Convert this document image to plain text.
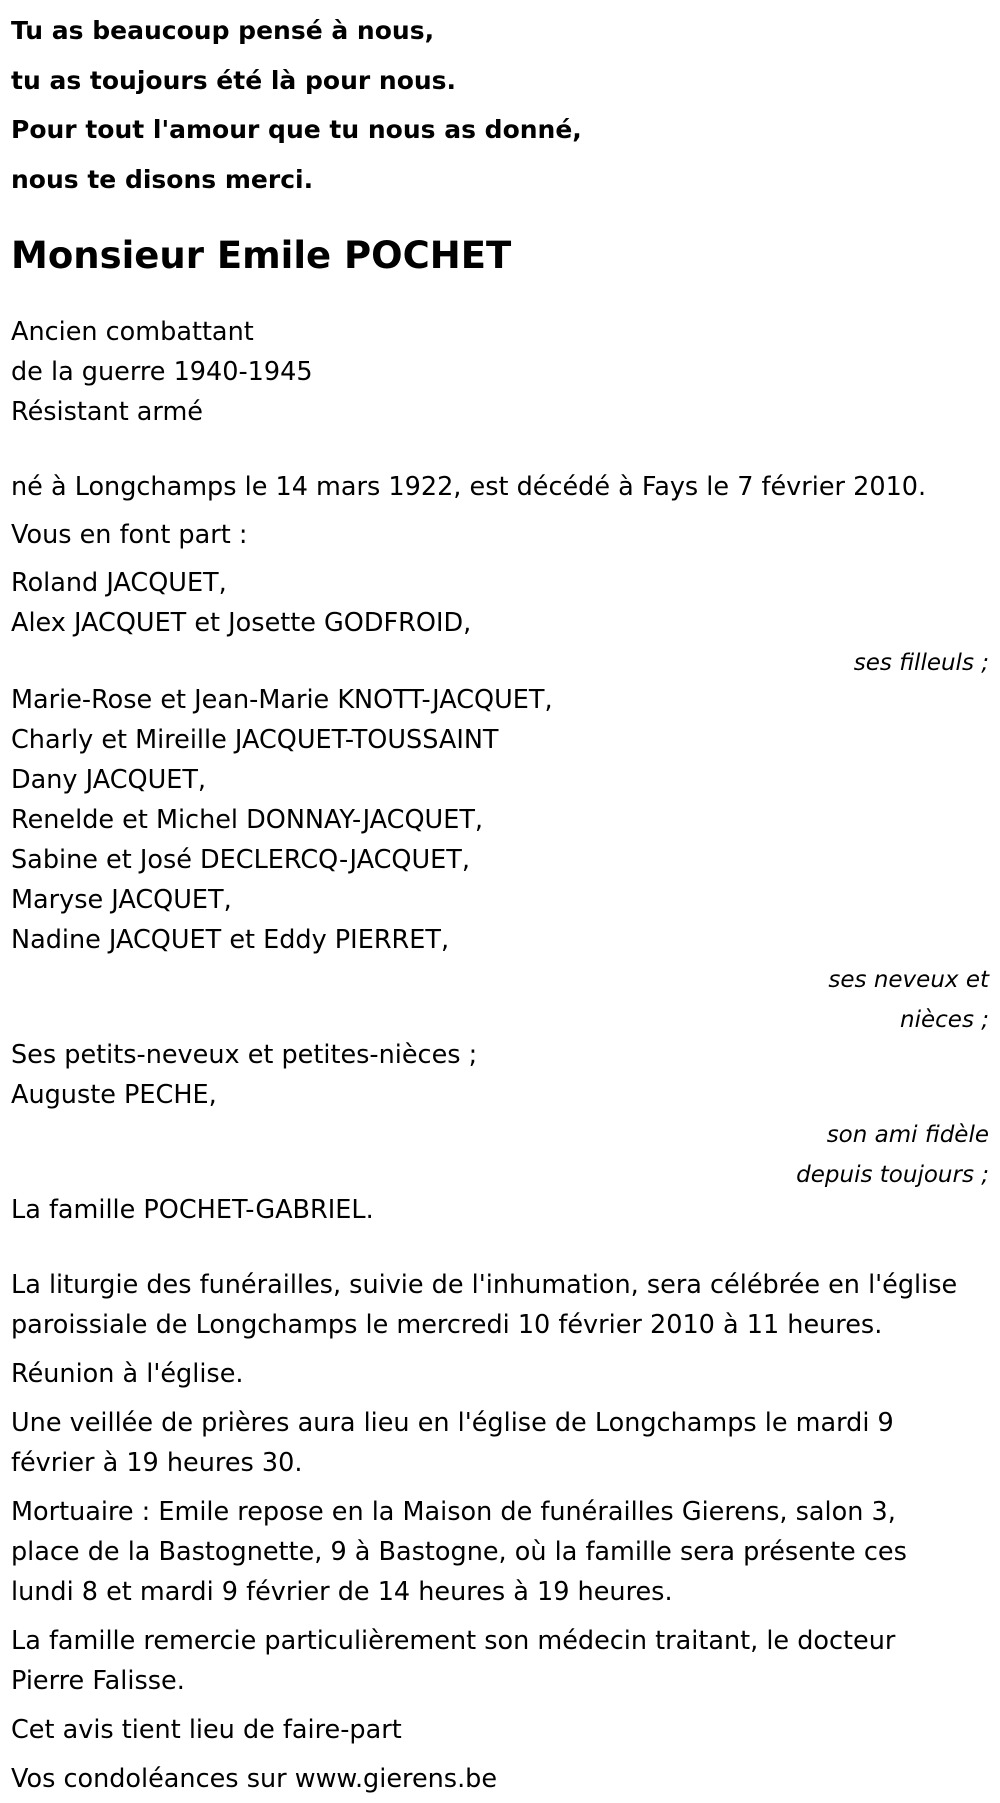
Tu as beaucoup pensé à nous,
tu as toujours été là pour nous.
Pour tout l'amour que tu nous as donné,
nous te disons merci.
Monsieur Emile POCHET
Ancien combattant
de la guerre 1940-1945
Résistant armé
né à Longchamps le 14 mars 1922, est décédé à Fays le 7 février 2010.
Vous en font part :
Roland JACQUET,
Alex JACQUET et Josette GODFROID,
ses filleuls ;
Marie-Rose et Jean-Marie KNOTT-JACQUET,
Charly et Mireille JACQUET-TOUSSAINT
Dany JACQUET,
Renelde et Michel DONNAY-JACQUET,
Sabine et José DECLERCQ-JACQUET,
Maryse JACQUET,
Nadine JACQUET et Eddy PIERRET,
ses neveux et
nièces ;
Ses petits-neveux et petites-nièces ;
Auguste PECHE,
son ami fidèle
depuis toujours ;
La famille POCHET-GABRIEL.
La liturgie des funérailles, suivie de l'inhumation, sera célébrée en l'église
paroissiale de Longchamps le mercredi 10 février 2010 à 11 heures.
Réunion à l'église.
Une veillée de prières aura lieu en l'église de Longchamps le mardi 9
février à 19 heures 30.
Mortuaire : Emile repose en la Maison de funérailles Gierens, salon 3,
place de la Bastognette, 9 à Bastogne, où la famille sera présente ces
lundi 8 et mardi 9 février de 14 heures à 19 heures.
La famille remercie particulièrement son médecin traitant, le docteur
Pierre Falisse.
Cet avis tient lieu de faire-part
Vos condoléances sur www.gierens.be
